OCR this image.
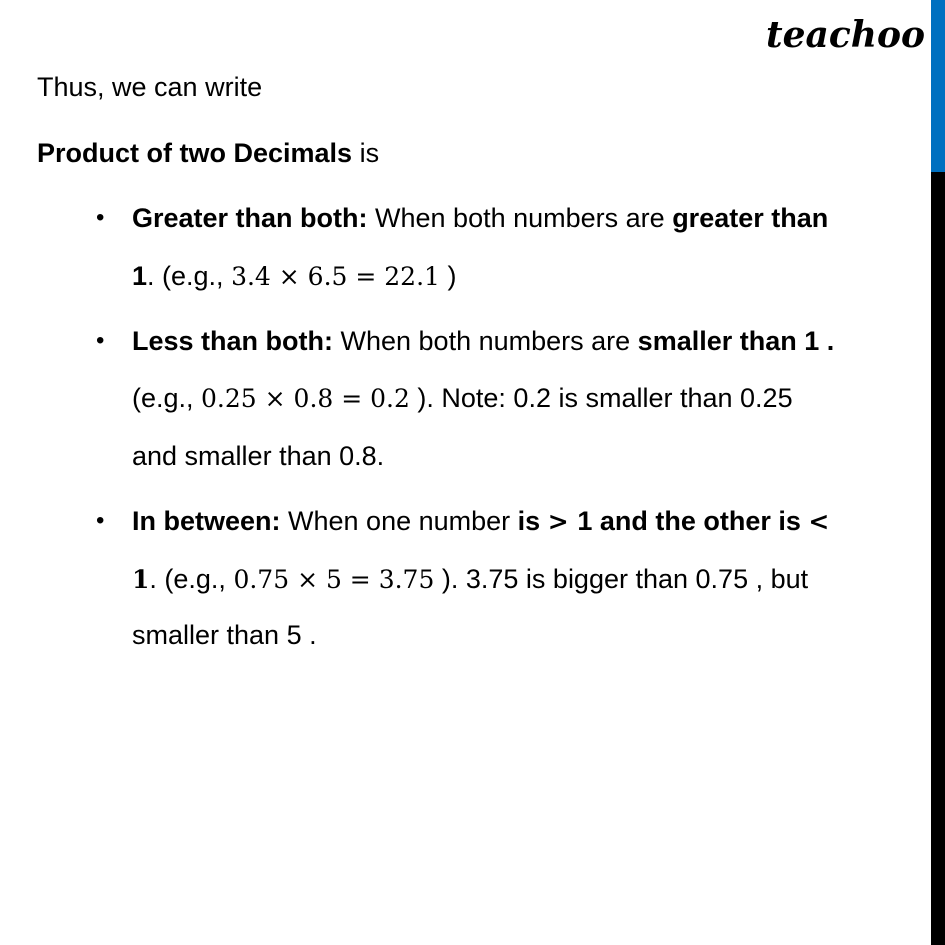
teachoo
Thus, we can write
Product of two Decimals is
Greater than both: When both numbers are greater than
•
1. (e.g., 3.4 × 6.5 = 22.1 )
Less than both: When both numbers are smaller than 1 .
•
(e.g., 0.25 × 0.8 = 0.2 ). Note: 0.2 is smaller than 0.25
and smaller than 0.8.
In between: When one number is > 1 and the other is <
•
1. (e.g., 0.75 × 5 = 3.75 ). 3.75 is bigger than 0.75 , but
smaller than 5 .
